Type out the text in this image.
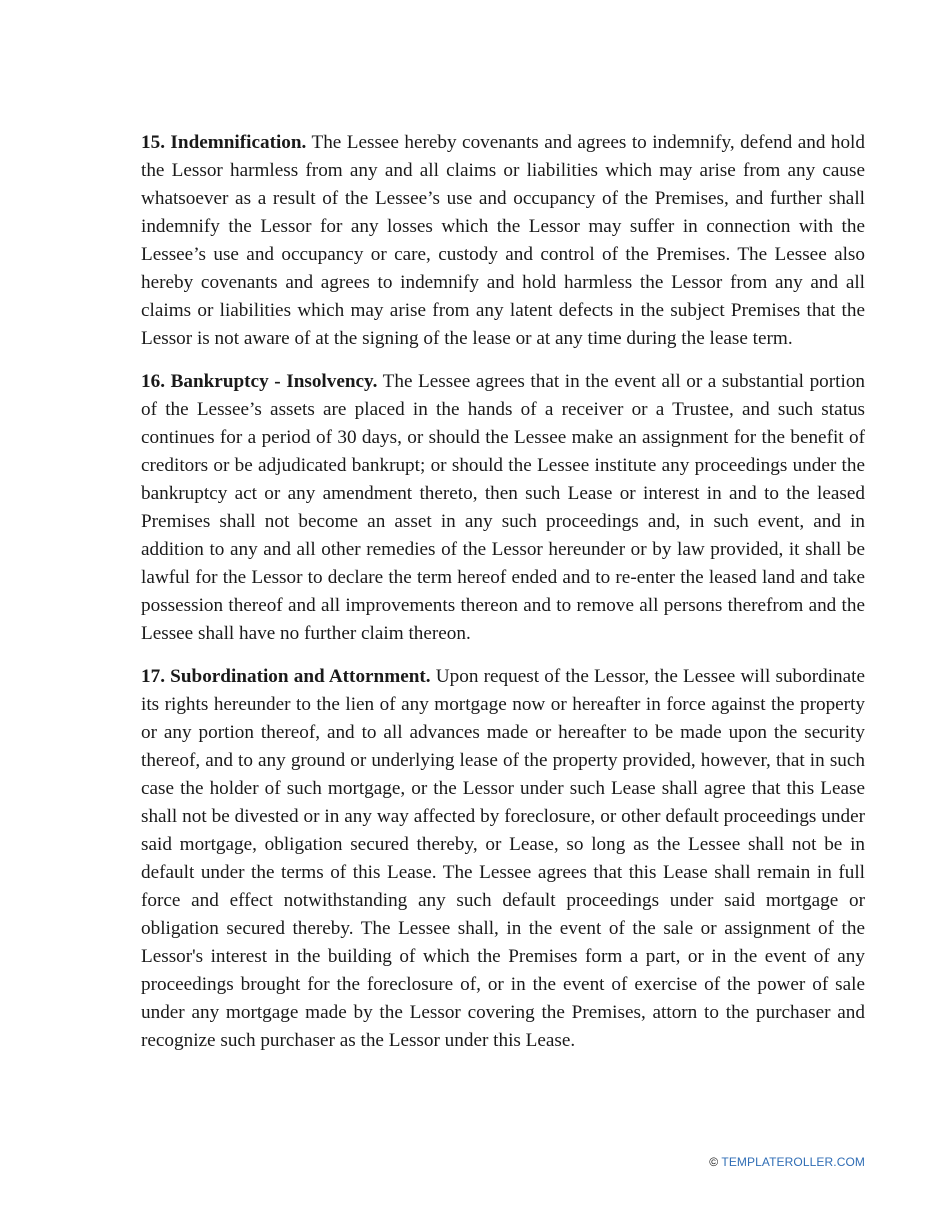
15. Indemnification. The Lessee hereby covenants and agrees to indemnify, defend and hold the Lessor harmless from any and all claims or liabilities which may arise from any cause whatsoever as a result of the Lessee’s use and occupancy of the Premises, and further shall indemnify the Lessor for any losses which the Lessor may suffer in connection with the Lessee’s use and occupancy or care, custody and control of the Premises. The Lessee also hereby covenants and agrees to indemnify and hold harmless the Lessor from any and all claims or liabilities which may arise from any latent defects in the subject Premises that the Lessor is not aware of at the signing of the lease or at any time during the lease term.

16. Bankruptcy - Insolvency. The Lessee agrees that in the event all or a substantial portion of the Lessee’s assets are placed in the hands of a receiver or a Trustee, and such status continues for a period of 30 days, or should the Lessee make an assignment for the benefit of creditors or be adjudicated bankrupt; or should the Lessee institute any proceedings under the bankruptcy act or any amendment thereto, then such Lease or interest in and to the leased Premises shall not become an asset in any such proceedings and, in such event, and in addition to any and all other remedies of the Lessor hereunder or by law provided, it shall be lawful for the Lessor to declare the term hereof ended and to re-enter the leased land and take possession thereof and all improvements thereon and to remove all persons therefrom and the Lessee shall have no further claim thereon.

17. Subordination and Attornment. Upon request of the Lessor, the Lessee will subordinate its rights hereunder to the lien of any mortgage now or hereafter in force against the property or any portion thereof, and to all advances made or hereafter to be made upon the security thereof, and to any ground or underlying lease of the property provided, however, that in such case the holder of such mortgage, or the Lessor under such Lease shall agree that this Lease shall not be divested or in any way affected by foreclosure, or other default proceedings under said mortgage, obligation secured thereby, or Lease, so long as the Lessee shall not be in default under the terms of this Lease. The Lessee agrees that this Lease shall remain in full force and effect notwithstanding any such default proceedings under said mortgage or obligation secured thereby. The Lessee shall, in the event of the sale or assignment of the Lessor's interest in the building of which the Premises form a part, or in the event of any proceedings brought for the foreclosure of, or in the event of exercise of the power of sale under any mortgage made by the Lessor covering the Premises, attorn to the purchaser and recognize such purchaser as the Lessor under this Lease.

© TEMPLATEROLLER.COM
